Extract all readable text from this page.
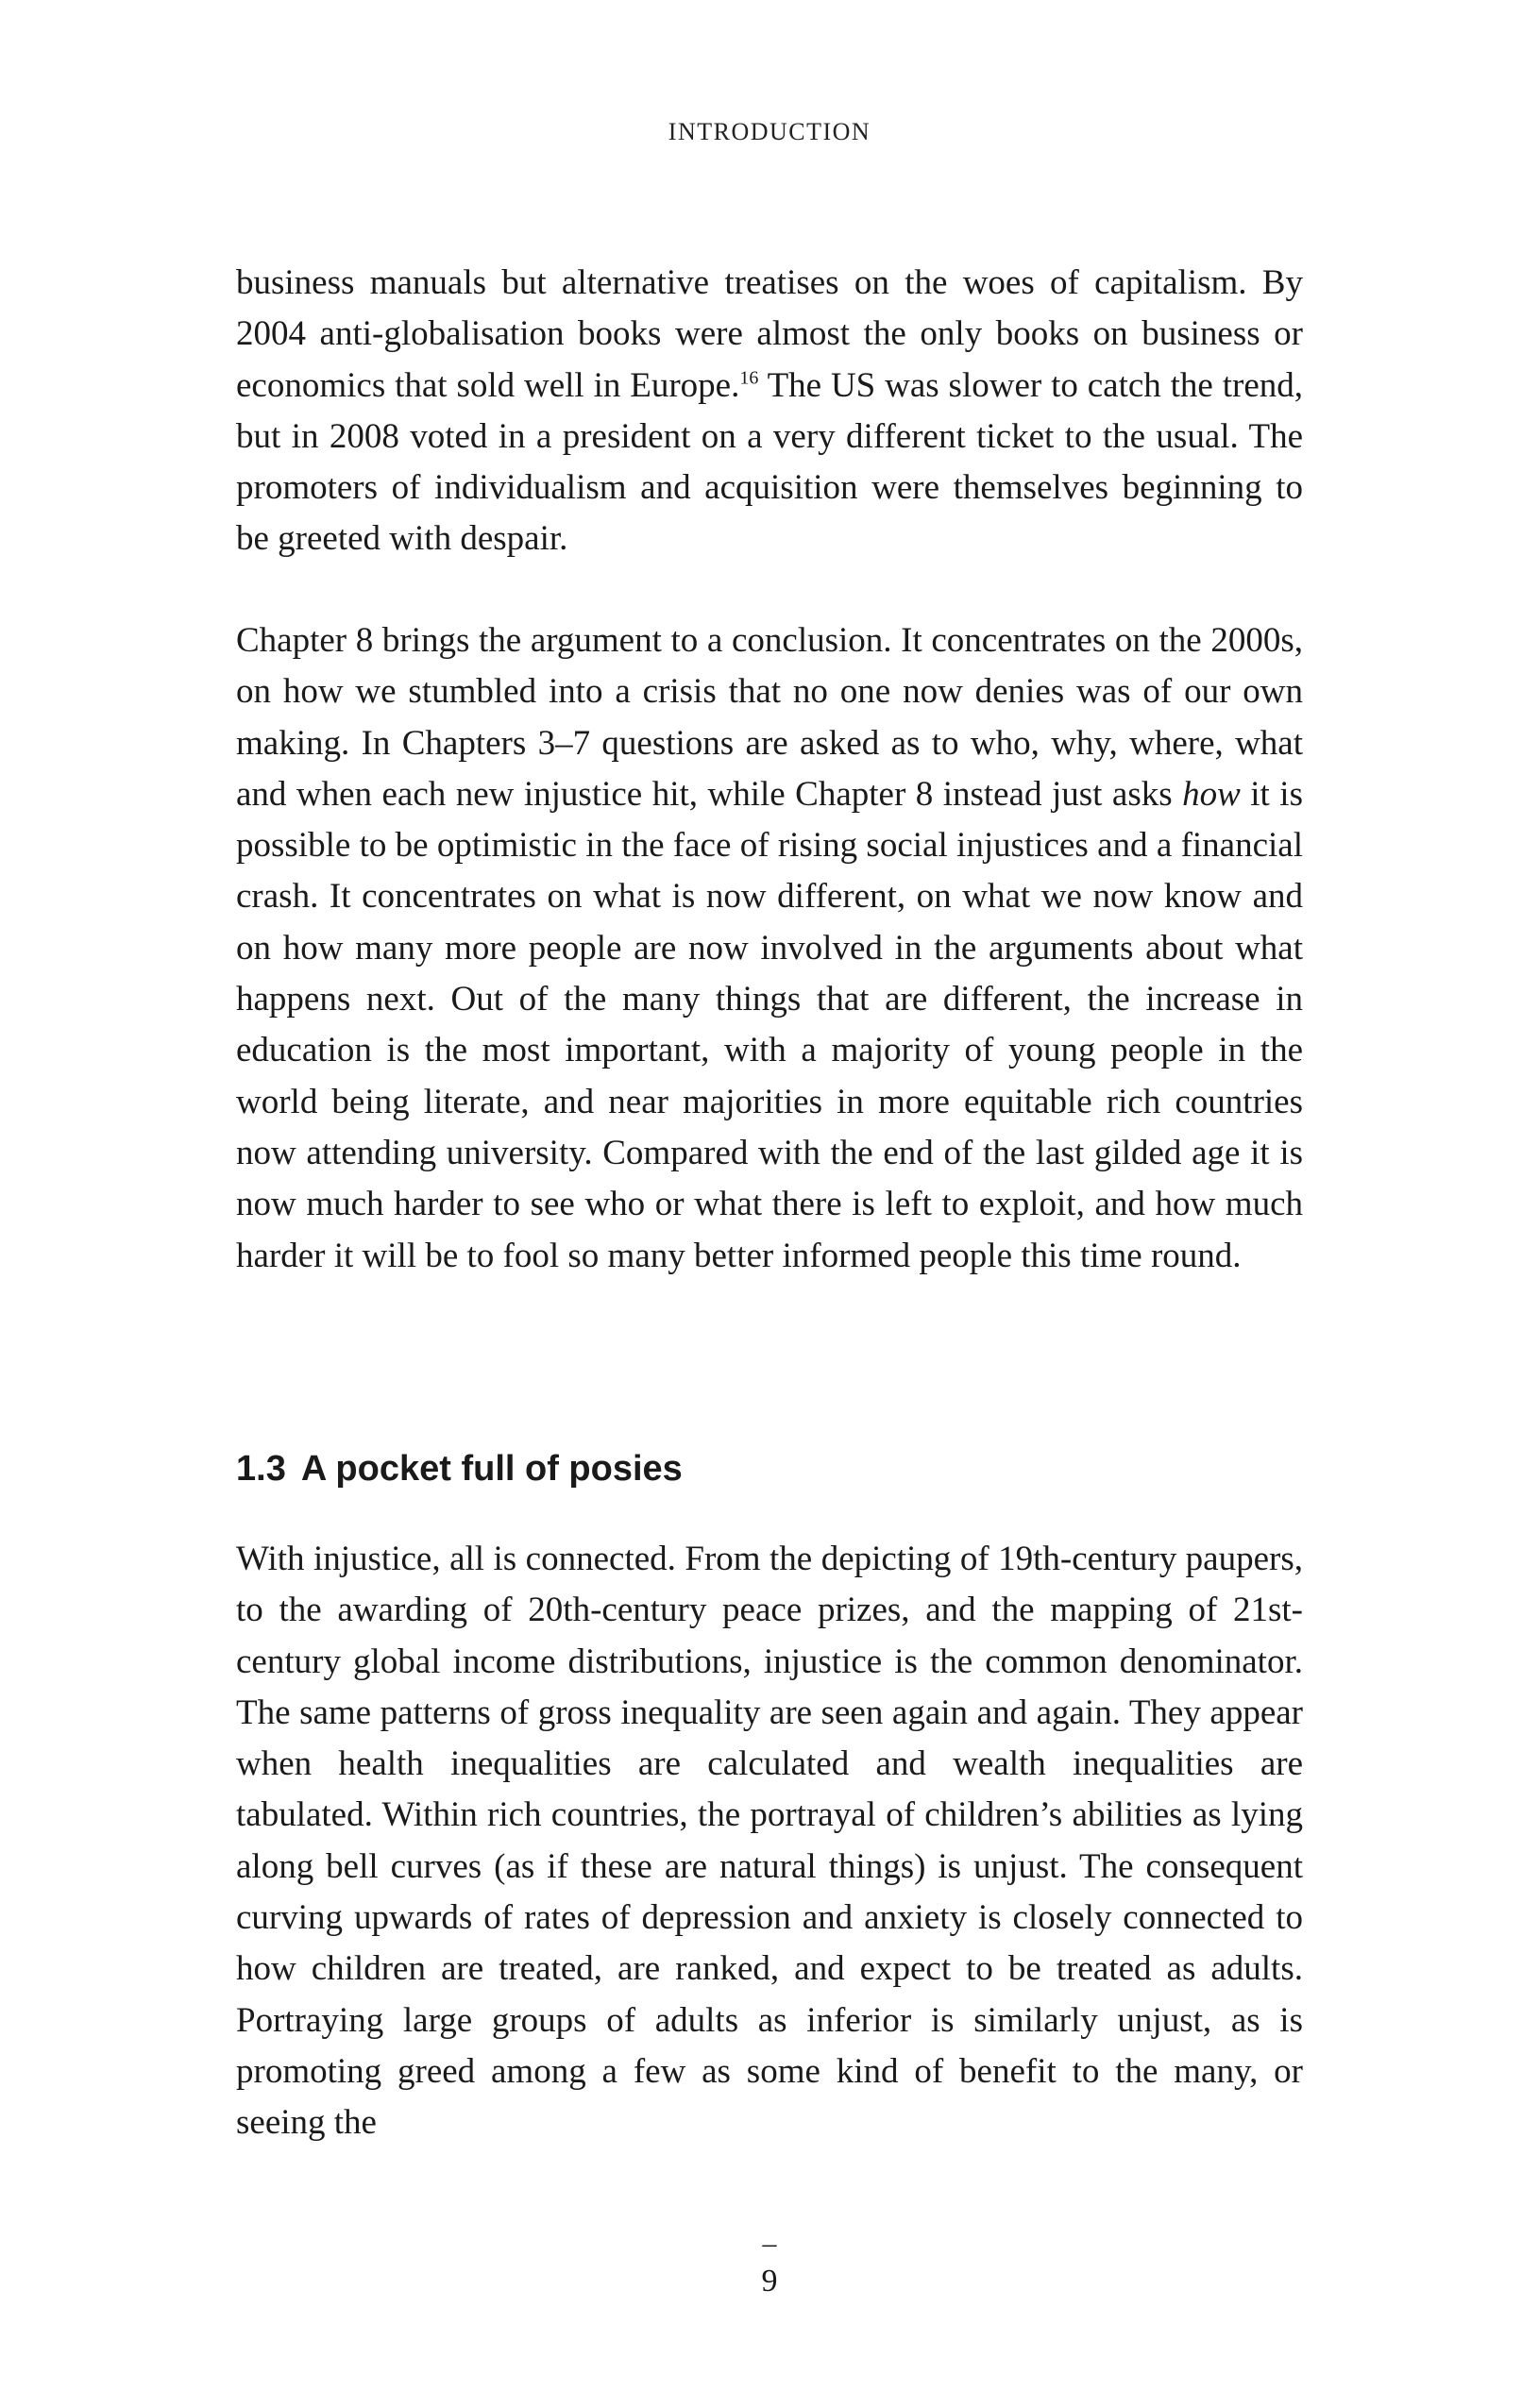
INTRODUCTION

business manuals but alternative treatises on the woes of capitalism. By 2004 anti-globalisation books were almost the only books on business or economics that sold well in Europe.$^{16}$ The US was slower to catch the trend, but in 2008 voted in a president on a very different ticket to the usual. The promoters of individualism and acquisition were themselves beginning to be greeted with despair.

Chapter 8 brings the argument to a conclusion. It concentrates on the 2000s, on how we stumbled into a crisis that no one now denies was of our own making. In Chapters 3–7 questions are asked as to who, why, where, what and when each new injustice hit, while Chapter 8 instead just asks how it is possible to be optimistic in the face of rising social injustices and a financial crash. It concentrates on what is now different, on what we now know and on how many more people are now involved in the arguments about what happens next. Out of the many things that are different, the increase in education is the most important, with a majority of young people in the world being literate, and near majorities in more equitable rich countries now attending university. Compared with the end of the last gilded age it is now much harder to see who or what there is left to exploit, and how much harder it will be to fool so many better informed people this time round.

1.3 A pocket full of posies

With injustice, all is connected. From the depicting of 19th-century paupers, to the awarding of 20th-century peace prizes, and the mapping of 21st-century global income distributions, injustice is the common denominator. The same patterns of gross inequality are seen again and again. They appear when health inequalities are calculated and wealth inequalities are tabulated. Within rich countries, the portrayal of children’s abilities as lying along bell curves (as if these are natural things) is unjust. The consequent curving upwards of rates of depression and anxiety is closely connected to how children are treated, are ranked, and expect to be treated as adults. Portraying large groups of adults as inferior is similarly unjust, as is promoting greed among a few as some kind of benefit to the many, or seeing the

–
9
